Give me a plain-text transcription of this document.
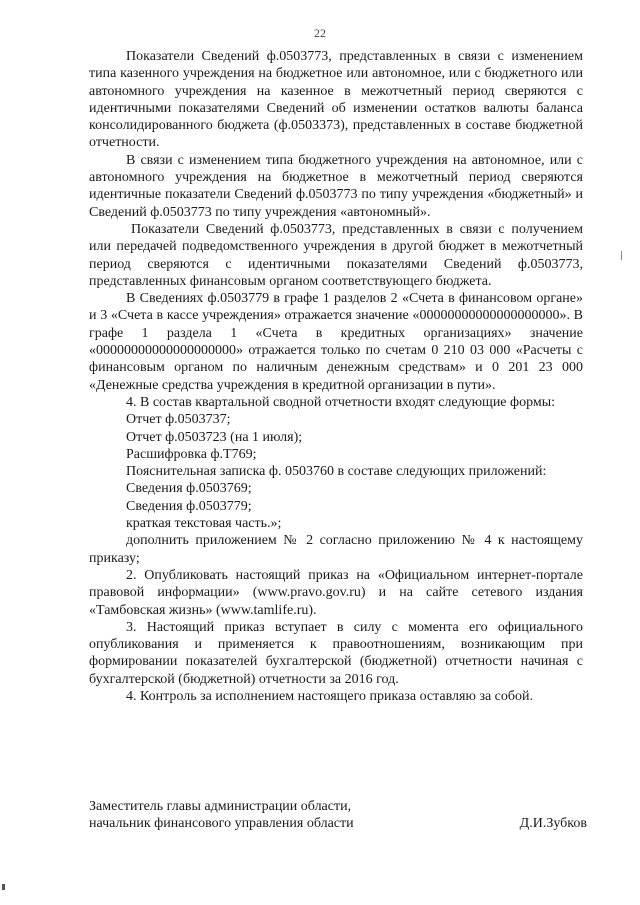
22

Показатели Сведений ф.0503773, представленных в связи с изменением типа казенного учреждения на бюджетное или автономное, или с бюджетного или автономного учреждения на казенное в межотчетный период сверяются с идентичными показателями Сведений об изменении остатков валюты баланса консолидированного бюджета (ф.0503373), представленных в составе бюджетной отчетности.

В связи с изменением типа бюджетного учреждения на автономное, или с автономного учреждения на бюджетное в межотчетный период сверяются идентичные показатели Сведений ф.0503773 по типу учреждения «бюджетный» и Сведений ф.0503773 по типу учреждения «автономный».

Показатели Сведений ф.0503773, представленных в связи с получением или передачей подведомственного учреждения в другой бюджет в межотчетный период сверяются с идентичными показателями Сведений ф.0503773, представленных финансовым органом соответствующего бюджета.

В Сведениях ф.0503779 в графе 1 разделов 2 «Счета в финансовом органе» и 3 «Счета в кассе учреждения» отражается значение «00000000000000000000». В графе 1 раздела 1 «Счета в кредитных организациях» значение «00000000000000000000» отражается только по счетам 0 210 03 000 «Расчеты с финансовым органом по наличным денежным средствам» и 0 201 23 000 «Денежные средства учреждения в кредитной организации в пути».

4. В состав квартальной сводной отчетности входят следующие формы:

Отчет ф.0503737;

Отчет ф.0503723 (на 1 июля);

Расшифровка ф.Т769;

Пояснительная записка ф. 0503760 в составе следующих приложений:

Сведения ф.0503769;

Сведения ф.0503779;

краткая текстовая часть.»;

дополнить приложением № 2 согласно приложению № 4 к настоящему приказу;

2. Опубликовать настоящий приказ на «Официальном интернет-портале правовой информации» (www.pravo.gov.ru) и на сайте сетевого издания «Тамбовская жизнь» (www.tamlife.ru).

3. Настоящий приказ вступает в силу с момента его официального опубликования и применяется к правоотношениям, возникающим при формировании показателей бухгалтерской (бюджетной) отчетности начиная с бухгалтерской (бюджетной) отчетности за 2016 год.

4. Контроль за исполнением настоящего приказа оставляю за собой.

Заместитель главы администрации области,
начальник финансового управления области	Д.И.Зубков
